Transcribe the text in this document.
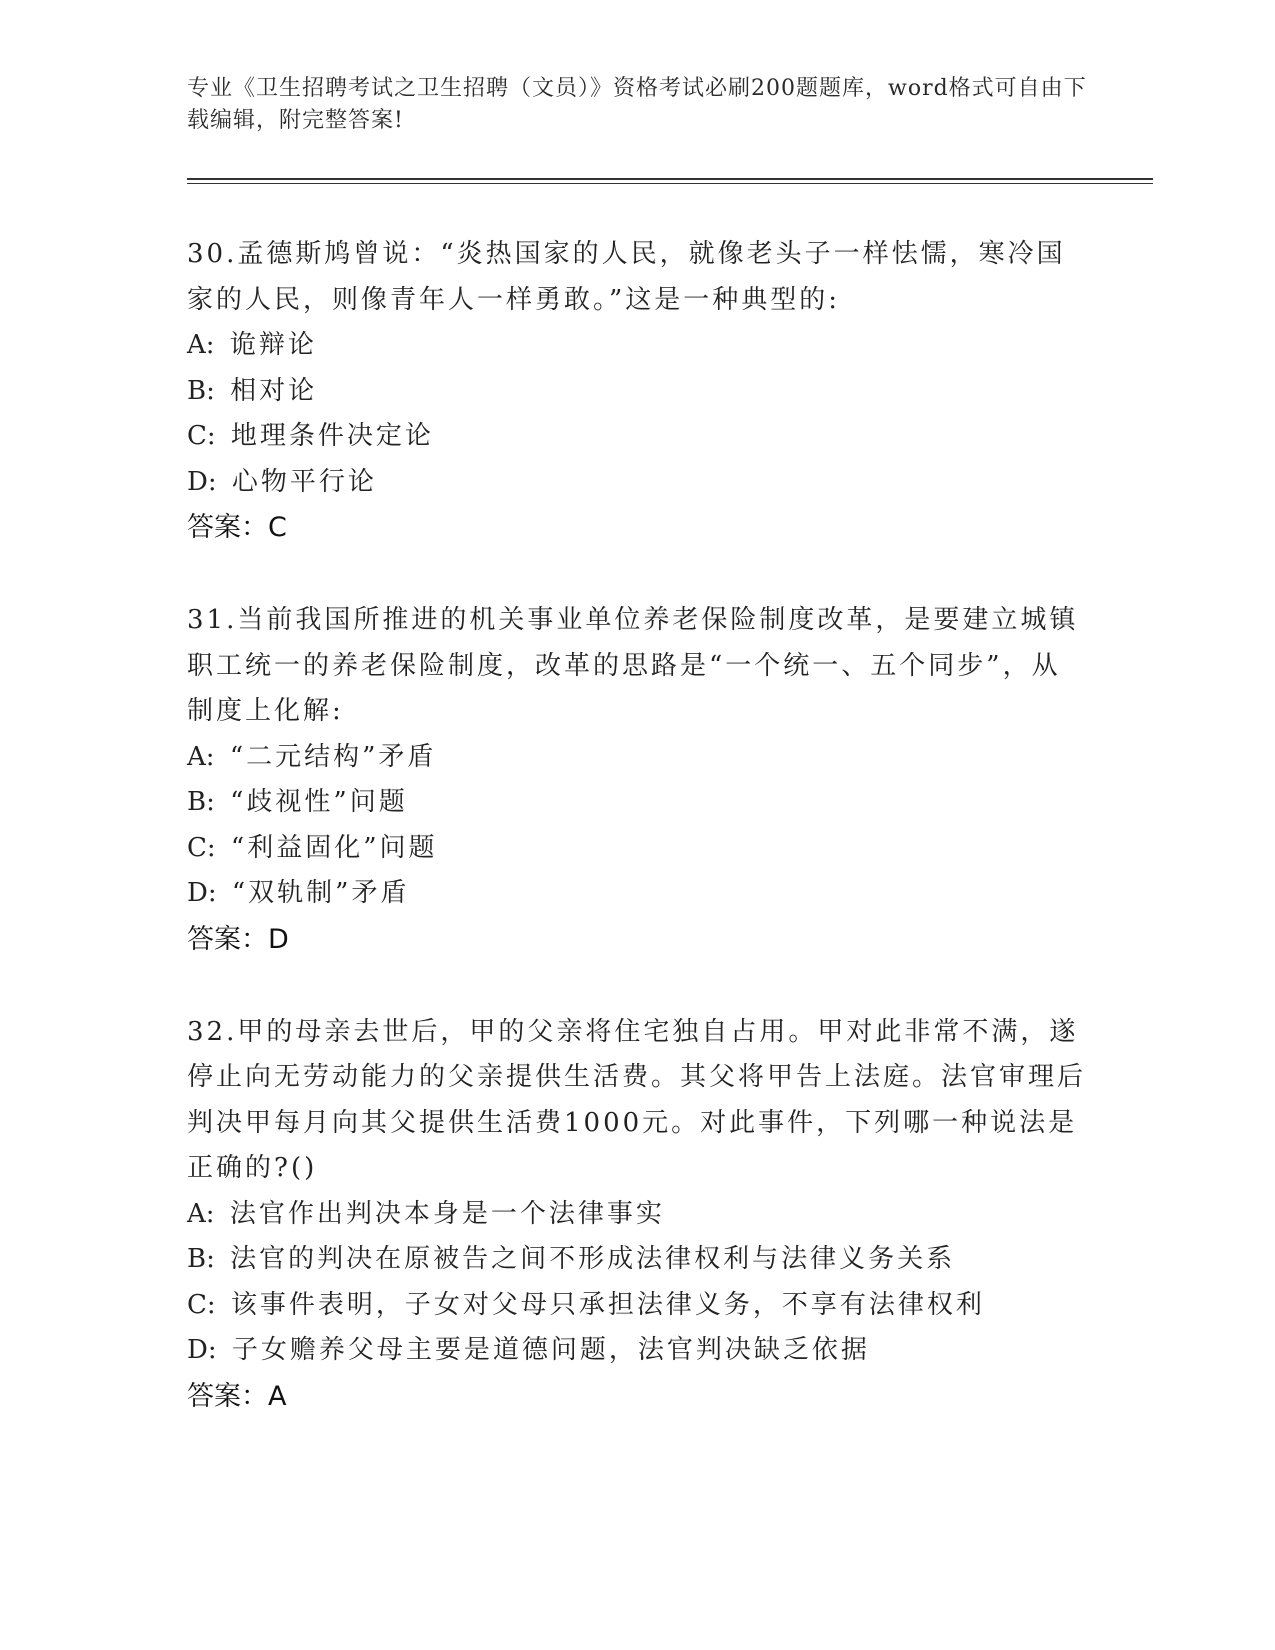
专业《卫生招聘考试之卫生招聘（文员）》资格考试必刷200题题库，word格式可自由下载编辑，附完整答案!
30.孟德斯鸠曾说：“炎热国家的人民，就像老头子一样怯懦，寒冷国家的人民，则像青年人一样勇敢。”这是一种典型的:
A: 诡辩论
B: 相对论
C: 地理条件决定论
D: 心物平行论
答案：C
31.当前我国所推进的机关事业单位养老保险制度改革，是要建立城镇职工统一的养老保险制度，改革的思路是“一个统一、五个同步”，从制度上化解:
A: “二元结构”矛盾
B: “歧视性”问题
C: “利益固化”问题
D: “双轨制”矛盾
答案：D
32.甲的母亲去世后，甲的父亲将住宅独自占用。甲对此非常不满，遂停止向无劳动能力的父亲提供生活费。其父将甲告上法庭。法官审理后判决甲每月向其父提供生活费1000元。对此事件，下列哪一种说法是正确的?()
A: 法官作出判决本身是一个法律事实
B: 法官的判决在原被告之间不形成法律权利与法律义务关系
C: 该事件表明，子女对父母只承担法律义务，不享有法律权利
D: 子女赡养父母主要是道德问题，法官判决缺乏依据
答案：A
